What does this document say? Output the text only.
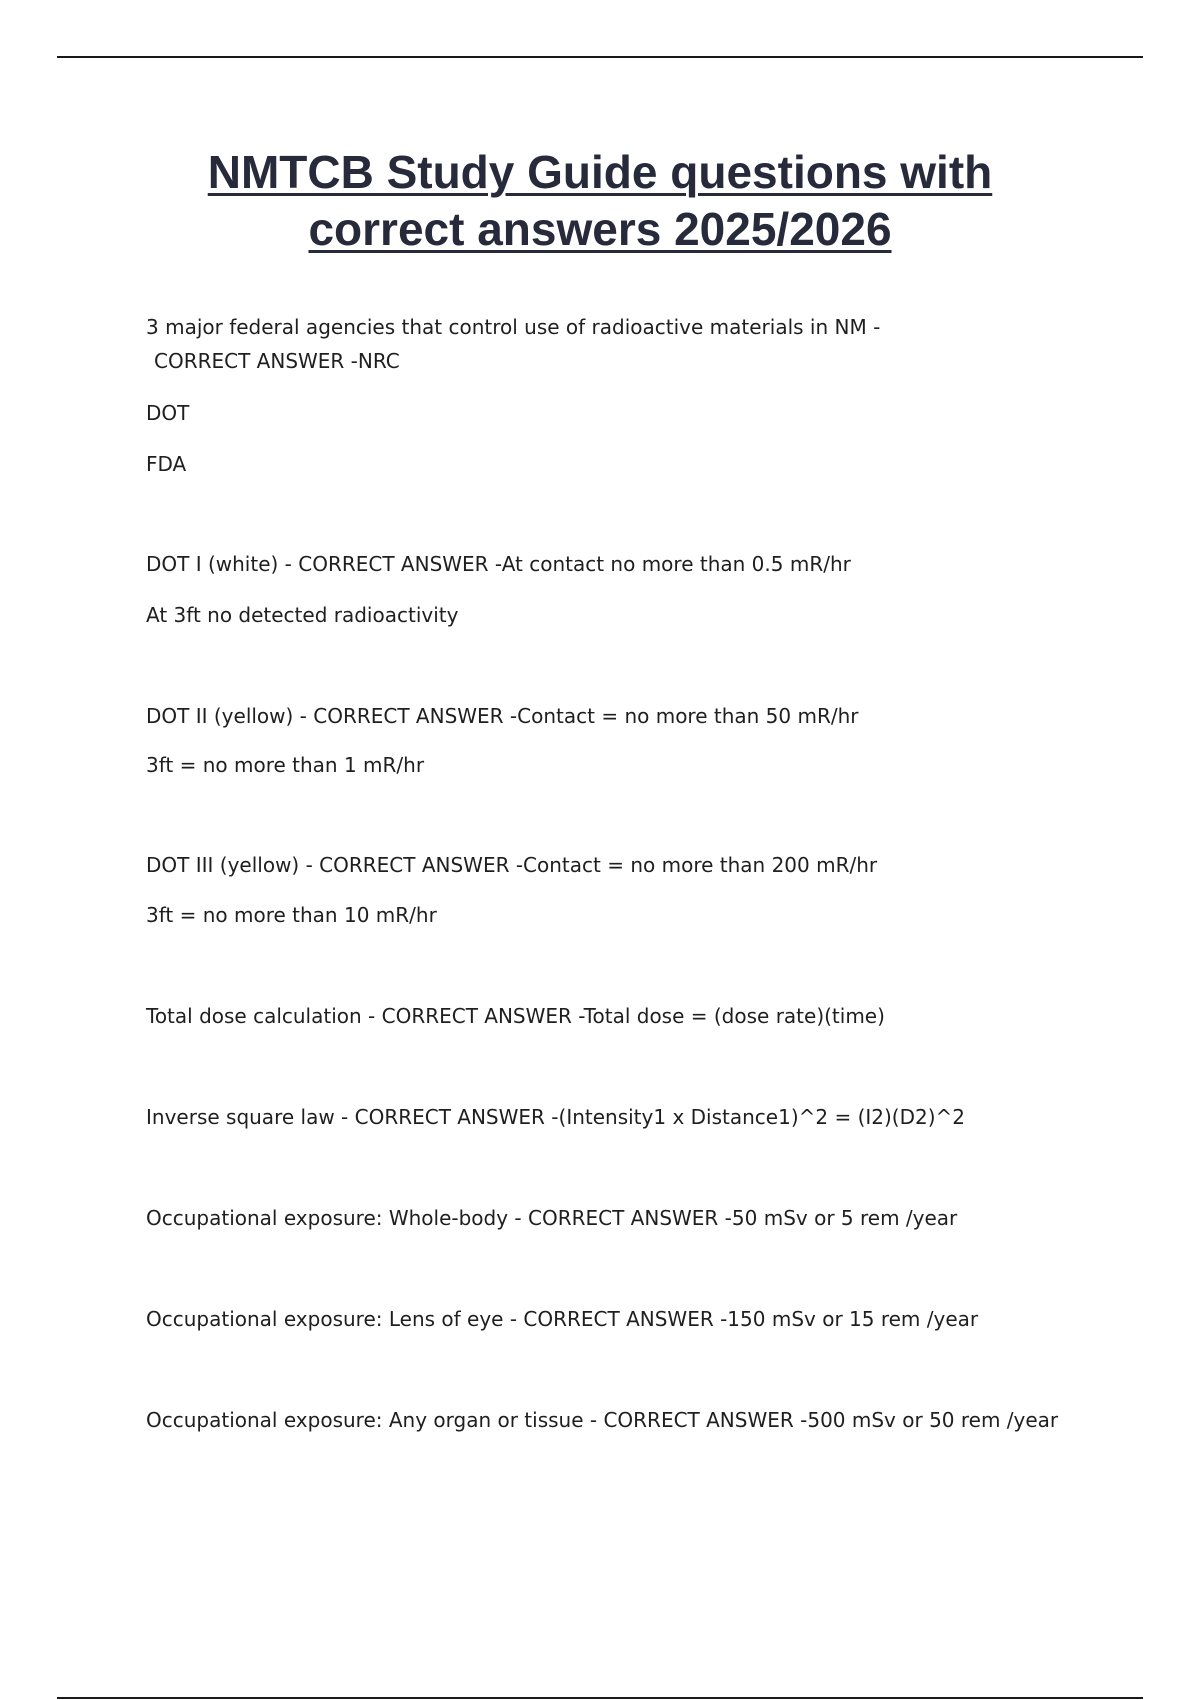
NMTCB Study Guide questions with
correct answers 2025/2026
3 major federal agencies that control use of radioactive materials in NM -
CORRECT ANSWER -NRC
DOT
FDA
DOT I (white) - CORRECT ANSWER -At contact no more than 0.5 mR/hr
At 3ft no detected radioactivity
DOT II (yellow) - CORRECT ANSWER -Contact = no more than 50 mR/hr
3ft = no more than 1 mR/hr
DOT III (yellow) - CORRECT ANSWER -Contact = no more than 200 mR/hr
3ft = no more than 10 mR/hr
Total dose calculation - CORRECT ANSWER -Total dose = (dose rate)(time)
Inverse square law - CORRECT ANSWER -(Intensity1 x Distance1)^2 = (I2)(D2)^2
Occupational exposure: Whole-body - CORRECT ANSWER -50 mSv or 5 rem /year
Occupational exposure: Lens of eye - CORRECT ANSWER -150 mSv or 15 rem /year
Occupational exposure: Any organ or tissue - CORRECT ANSWER -500 mSv or 50 rem /year
